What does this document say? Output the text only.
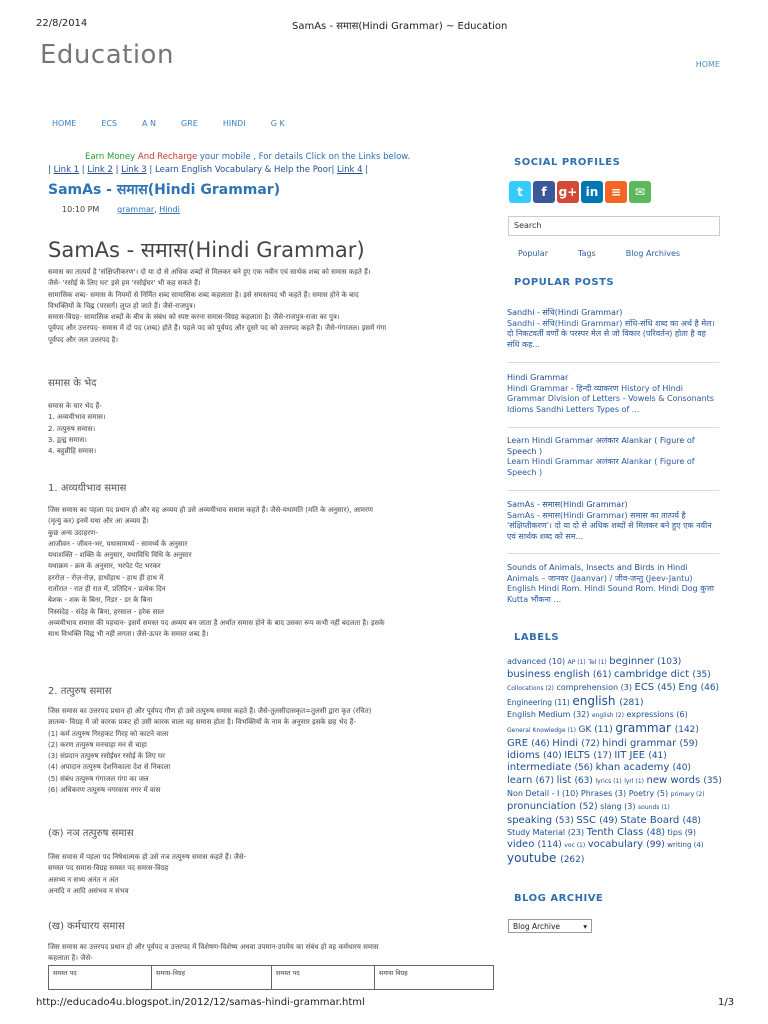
22/8/2014	SamAs - समास(Hindi Grammar) ~ Education
Education	HOME
HOME	ECS	A N	GRE	HINDI	G K
Earn Money And Recharge your mobile , For details Click on the Links below.
| Link 1 | Link 2 | Link 3 | Learn English Vocabulary & Help the Poor| Link 4 |
SamAs - समास(Hindi Grammar)
10:10 PM grammar, Hindi
SamAs - समास(Hindi Grammar)
समास का तात्पर्य है 'संक्षिप्तीकरण'। दो या दो से अधिक शब्दों से मिलकर बने हुए एक नवीन एवं सार्थक शब्द को समास कहते हैं।
जैसे- 'रसोई के लिए घर' इसे हम 'रसोईघर' भी कह सकते हैं।
सामासिक शब्द- समास के नियमों से निर्मित शब्द सामासिक शब्द कहलाता है। इसे समस्तपद भी कहते हैं। समास होने के बाद
विभक्तियों के चिह्न (परसर्ग) लुप्त हो जाते हैं। जैसे-राजपुत्र।
समास-विग्रह- सामासिक शब्दों के बीच के संबंध को स्पष्ट करना समास-विग्रह कहलाता है। जैसे-राजपुत्र-राजा का पुत्र।
पूर्वपद और उत्तरपद- समास में दो पद (शब्द) होते हैं। पहले पद को पूर्वपद और दूसरे पद को उत्तरपद कहते हैं। जैसे-गंगाजल। इसमें गंगा
पूर्वपद और जल उत्तरपद है।
समास के भेद
समास के चार भेद हैं-
1. अव्ययीभाव समास।
2. तत्पुरुष समास।
3. द्वन्द्व समास।
4. बहुव्रीहि समास।
1. अव्ययीभाव समास
जिस समास का पहला पद प्रधान हो और वह अव्यय हो उसे अव्ययीभाव समास कहते हैं। जैसे-यथामति (मति के अनुसार), आमरण
(मृत्यु कर) इनमें यथा और आ अव्यय हैं।
कुछ अन्य उदाहरण-
आजीवन - जीवन-भर, यथासामर्थ्य - सामर्थ्य के अनुसार
यथाशक्ति - शक्ति के अनुसार, यथाविधि विधि के अनुसार
यथाक्रम - क्रम के अनुसार, भरपेट पेट भरकर
हररोज़ - रोज़-रोज़, हाथोंहाथ - हाथ ही हाथ में
रातोंरात - रात ही रात में, प्रतिदिन - प्रत्येक दिन
बेशक - शक के बिना, निडर - डर के बिना
निस्संदेह - संदेह के बिना, हरसाल - हरेक साल
अव्ययीभाव समास की पहचान- इसमें समस्त पद अव्यय बन जाता है अर्थात समास होने के बाद उसका रूप कभी नहीं बदलता है। इसके
साथ विभक्ति चिह्न भी नहीं लगता। जैसे-ऊपर के समस्त शब्द है।
2. तत्पुरुष समास
जिस समास का उत्तरपद प्रधान हो और पूर्वपद गौण हो उसे तत्पुरुष समास कहते हैं। जैसे-तुलसीदासकृत=तुलसी द्वारा कृत (रचित)
ज्ञातव्य- विग्रह में जो कारक प्रकट हो उसी कारक वाला वह समास होता है। विभक्तियों के नाम के अनुसार इसके छह भेद हैं-
(1) कर्म तत्पुरुष गिरहकट गिरह को काटने वाला
(2) करण तत्पुरुष मनचाहा मन से चाहा
(3) संप्रदान तत्पुरुष रसोईघर रसोई के लिए घर
(4) अपादान तत्पुरुष देशनिकाला देश से निकाला
(5) संबंध तत्पुरुष गंगाजल गंगा का जल
(6) अधिकरण तत्पुरुष नगरवास नगर में वास
(क) नञ तत्पुरुष समास
जिस समास में पहला पद निषेधात्मक हो उसे नञ तत्पुरुष समास कहते हैं। जैसे-
समस्त पद समास-विग्रह समस्त पद समास-विग्रह
असभ्य न सभ्य अनंत न अंत
अनादि न आदि असंभव न संभव
(ख) कर्मधारय समास
जिस समास का उत्तरपद प्रधान हो और पूर्वपद व उत्तरपद में विशेषण-विशेष्य अथवा उपमान-उपमेय का संबंध हो वह कर्मधारय समास
कहलाता है। जैसे-
समस्त पद	समास-विग्रह	समस्त पद	समास विग्रह
SOCIAL PROFILES
t	f	g+ in	≡	✉
Search
Popular	Tags	Blog Archives
POPULAR POSTS
Sandhi - संधि(Hindi Grammar)
Sandhi - संधि(Hindi Grammar) संधि-संधि शब्द का अर्थ है मेल। दो निकटवर्ती वर्णों के परस्पर मेल से जो विकार (परिवर्तन) होता है वह संधि कह...
Hindi Grammar
Hindi Grammar - हिन्दी व्याकरण History of Hindi Grammar Division of Letters - Vowels & Consonants Idioms Sandhi Letters Types of ...
Learn Hindi Grammar अलंकार Alankar ( Figure of Speech )
Learn Hindi Grammar अलंकार Alankar ( Figure of Speech )
SamAs - समास(Hindi Grammar)
SamAs - समास(Hindi Grammar) समास का तात्पर्य है 'संक्षिप्तीकरण'। दो या दो से अधिक शब्दों से मिलकर बने हुए एक नवीन एवं सार्थक शब्द को सम...
Sounds of Animals, Insects and Birds in Hindi
Animals – जानवर (Jaanvar) / जीव-जन्तु (Jeev-Jantu) English Hindi Rom. Hindi Sound Rom. Hindi Dog कुत्ता Kutta भौंकना ...
LABELS
advanced (10) AP (1) Tel (1) beginner (103) business english (61) cambridge dict (35) Collocations (2) comprehension (3) ECS (45) Eng (46) Engineering (11) english (281) English Medium (32) english (2) expressions (6) General Knowledge (1) GK (11) grammar (142) GRE (46) Hindi (72) hindi grammar (59) idioms (40) IELTS (17) IIT JEE (41) intermediate (56) khan academy (40) learn (67) list (63) lyrics (1) lyrl (1) new words (35) Non Detail - I (10) Phrases (3) Poetry (5) primary (2) pronunciation (52) slang (3) sounds (1) speaking (53) SSC (49) State Board (48) Study Material (23) Tenth Class (48) tips (9) video (114) voc (1) vocabulary (99) writing (4) youtube (262)
BLOG ARCHIVE
Blog Archive	▾
http://educado4u.blogspot.in/2012/12/samas-hindi-grammar.html	1/3
